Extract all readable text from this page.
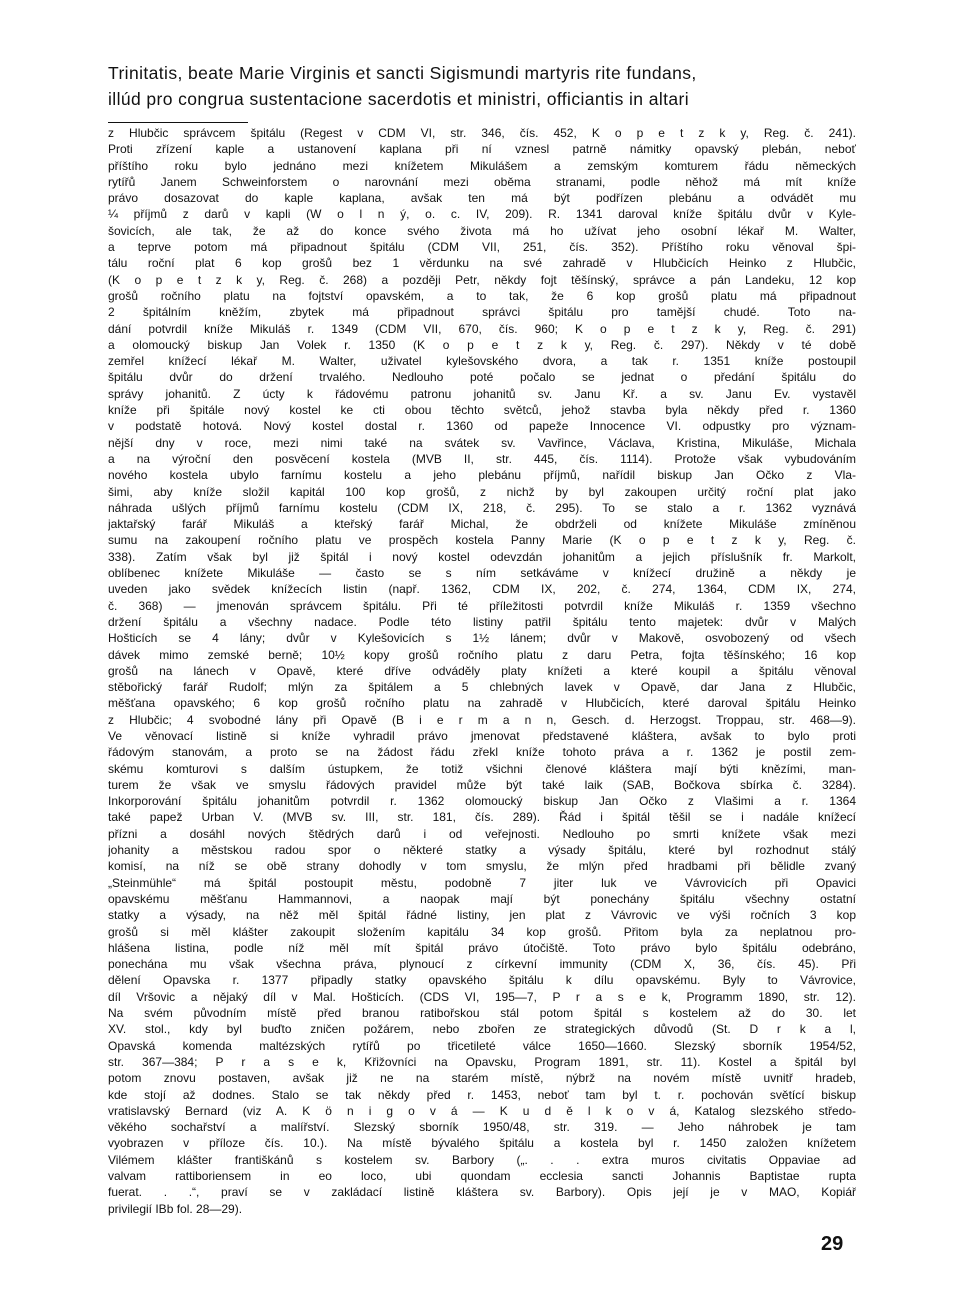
Trinitatis, beate Marie Virginis et sancti Sigismundi martyris rite fundans,
illúd pro congrua sustentacione sacerdotis et ministri, officiantis in altari
z Hlubčic správcem špitálu (Regest v CDM VI, str. 346, čís. 452, K o p e t z k y, Reg. č. 241).
Proti zřízení kaple a ustanovení kaplana při ní vznesl patrně námitky opavský plebán, neboť
příštího roku bylo jednáno mezi knížetem Mikulášem a zemským komturem řádu německých
rytířů Janem Schweinforstem o narovnání mezi oběma stranami, podle něhož má mít kníže
právo dosazovat do kaple kaplana, avšak ten má být podřízen plebánu a odvádět mu
¼ příjmů z darů v kapli (W o l n ý, o. c. IV, 209). R. 1341 daroval kníže špitálu dvůr v Kyle-
šovicích, ale tak, že až do konce svého života má ho užívat jeho osobní lékař M. Walter,
a teprve potom má připadnout špitálu (CDM VII, 251, čís. 352). Příštího roku věnoval špi-
tálu roční plat 6 kop grošů bez 1 věrdunku na své zahradě v Hlubčicích Heinko z Hlubčic,
(K o p e t z k y, Reg. č. 268) a později Petr, někdy fojt těšínský, správce a pán Landeku, 12 kop
grošů ročního platu na fojtství opavském, a to tak, že 6 kop grošů platu má připadnout
2 špitálním kněžím, zbytek má připadnout správci špitálu pro tamější chudé. Toto na-
dání potvrdil kníže Mikuláš r. 1349 (CDM VII, 670, čís. 960; K o p e t z k y, Reg. č. 291)
a olomoucký biskup Jan Volek r. 1350 (K o p e t z k y, Reg. č. 297). Někdy v té době
zemřel knížecí lékař M. Walter, uživatel kylešovského dvora, a tak r. 1351 kníže postoupil
špitálu dvůr do držení trvalého. Nedlouho poté počalo se jednat o předání špitálu do
správy johanitů. Z úcty k řádovému patronu johanitů sv. Janu Kř. a sv. Janu Ev. vystavěl
kníže při špitále nový kostel ke cti obou těchto světců, jehož stavba byla někdy před r. 1360
v podstatě hotová. Nový kostel dostal r. 1360 od papeže Innocence VI. odpustky pro význam-
nější dny v roce, mezi nimi také na svátek sv. Vavřince, Václava, Kristina, Mikuláše, Michala
a na výroční den posvěcení kostela (MVB II, str. 445, čís. 1114). Protože však vybudováním
nového kostela ubylo farnímu kostelu a jeho plebánu příjmů, nařídil biskup Jan Očko z Vla-
šimi, aby kníže složil kapitál 100 kop grošů, z nichž by byl zakoupen určitý roční plat jako
náhrada ušlých příjmů farnímu kostelu (CDM IX, 218, č. 295). To se stalo a r. 1362 vyznává
jaktařský farář Mikuláš a kteřský farář Michal, že obdrželi od knížete Mikuláše zmíněnou
sumu na zakoupení ročního platu ve prospěch kostela Panny Marie (K o p e t z k y, Reg. č.
338). Zatím však byl již špitál i nový kostel odevzdán johanitům a jejich příslušník fr. Markolt,
oblíbenec knížete Mikuláše — často se s ním setkáváme v knížecí družině a někdy je
uveden jako svědek knížecích listin (např. 1362, CDM IX, 202, č. 274, 1364, CDM IX, 274,
č. 368) — jmenován správcem špitálu. Při té příležitosti potvrdil kníže Mikuláš r. 1359 všechno
držení špitálu a všechny nadace. Podle této listiny patřil špitálu tento majetek: dvůr v Malých
Hošticích se 4 lány; dvůr v Kylešovicích s 1½ lánem; dvůr v Makově, osvobozený od všech
dávek mimo zemské berně; 10½ kopy grošů ročního platu z daru Petra, fojta těšínského; 16 kop
grošů na lánech v Opavě, které dříve odváděly platy knížeti a které koupil a špitálu věnoval
stěbořický farář Rudolf; mlýn za špitálem a 5 chlebných lavek v Opavě, dar Jana z Hlubčic,
měšťana opavského; 6 kop grošů ročního platu na zahradě v Hlubčicích, které daroval špitálu Heinko
z Hlubčic; 4 svobodné lány při Opavě (B i e r m a n n, Gesch. d. Herzogst. Troppau, str. 468—9).
Ve věnovací listině si kníže vyhradil právo jmenovat představené kláštera, avšak to bylo proti
řádovým stanovám, a proto se na žádost řádu zřekl kníže tohoto práva a r. 1362 je postil zem-
skému komturovi s dalším ústupkem, že totiž všichni členové kláštera mají býti knězími, man-
turem že však ve smyslu řádových pravidel může být také laik (SAB, Bočkova sbírka č. 3284).
Inkorporování špitálu johanitům potvrdil r. 1362 olomoucký biskup Jan Očko z Vlašimi a r. 1364
také papež Urban V. (MVB sv. III, str. 181, čís. 289). Řád i špitál těšil se i nadále knížecí
přízni a dosáhl nových štědrých darů i od veřejnosti. Nedlouho po smrti knížete však mezi
johanity a městskou radou spor o některé statky a výsady špitálu, které byl rozhodnut stálý
komisí, na níž se obě strany dohodly v tom smyslu, že mlýn před hradbami při bělidle zvaný
„Steinmühle“ má špitál postoupit městu, podobně 7 jiter luk ve Vávrovicích při Opavici
opavskému měšťanu Hammannovi, a naopak mají být ponechány špitálu všechny ostatní
statky a výsady, na něž měl špitál řádné listiny, jen plat z Vávrovic ve výši ročních 3 kop
grošů si měl klášter zakoupit složením kapitálu 34 kop grošů. Přitom byla za neplatnou pro-
hlášena listina, podle níž měl mít špitál právo útočiště. Toto právo bylo špitálu odebráno,
ponechána mu však všechna práva, plynoucí z církevní immunity (CDM X, 36, čís. 45). Při
dělení Opavska r. 1377 připadly statky opavského špitálu k dílu opavskému. Byly to Vávrovice,
díl Vršovic a nějaký díl v Mal. Hošticích. (CDS VI, 195—7, P r a s e k, Programm 1890, str. 12).
Na svém původním místě před branou ratibořskou stál potom špitál s kostelem až do 30. let
XV. stol., kdy byl buďto zničen požárem, nebo zbořen ze strategických důvodů (St. D r k a l,
Opavská komenda maltézských rytířů po třicetileté válce 1650—1660. Slezský sborník 1954/52,
str. 367—384; P r a s e k, Křižovníci na Opavsku, Program 1891, str. 11). Kostel a špitál byl
potom znovu postaven, avšak již ne na starém místě, nýbrž na novém místě uvnitř hradeb,
kde stojí až dodnes. Stalo se tak někdy před r. 1453, neboť tam byl t. r. pochován světící biskup
vratislavský Bernard (viz A. K ö n i g o v á — K u d ě l k o v á, Katalog slezského středo-
věkého sochařství a malířství. Slezský sborník 1950/48, str. 319. — Jeho náhrobek je tam
vyobrazen v příloze čís. 10.). Na místě bývalého špitálu a kostela byl r. 1450 založen knížetem
Vilémem klášter františkánů s kostelem sv. Barbory („. . . extra muros civitatis Oppaviae ad
valvam rattiboriensem in eo loco, ubi quondam ecclesia sancti Johannis Baptistae rupta
fuerat. . .“, praví se v zakládací listině kláštera sv. Barbory). Opis její je v MAO, Kopiář
privilegií IBb fol. 28—29).
29
